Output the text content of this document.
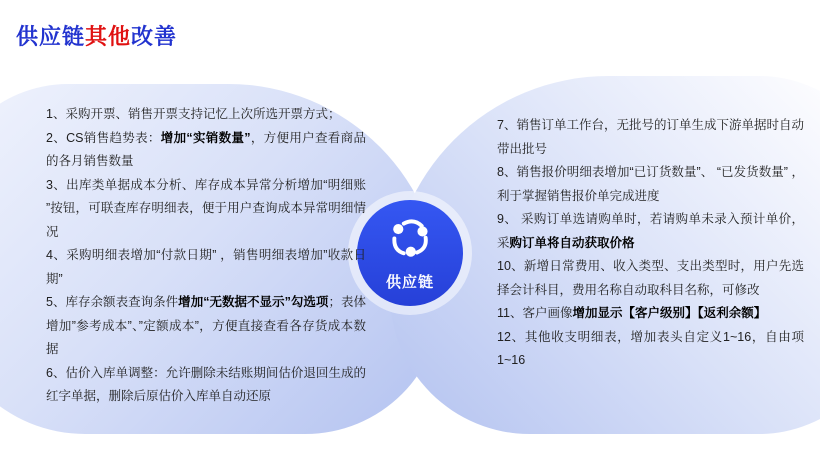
供应链其他改善
供应链

1、采购开票、销售开票支持记忆上次所选开票方式；

2、CS销售趋势表：增加“实销数量”，方便用户查看商品的各月销售数量

3、出库类单据成本分析、库存成本异常分析增加“明细账 ”按钮，可联查库存明细表，便于用户查询成本异常明细情况

4、采购明细表增加“付款日期” ，销售明细表增加”收款日期”

5、库存余额表查询条件增加“无数据不显示”勾选项；表体增加”参考成本”、”定额成本”，方便直接查看各存货成本数据

6、估价入库单调整：允许删除未结账期间估价退回生成的红字单据，删除后原估价入库单自动还原

7、销售订单工作台，无批号的订单生成下游单据时自动带出批号

8、销售报价明细表增加“已订货数量”、 “已发货数量” ，利于掌握销售报价单完成进度

9、 采购订单选请购单时，若请购单未录入预计单价，采购订单将自动获取价格

10、新增日常费用、收入类型、支出类型时，用户先选择会计科目，费用名称自动取科目名称，可修改

11、客户画像增加显示【客户级别】【返利余额】

12、其他收支明细表，增加表头自定义1~16，自由项1~16
